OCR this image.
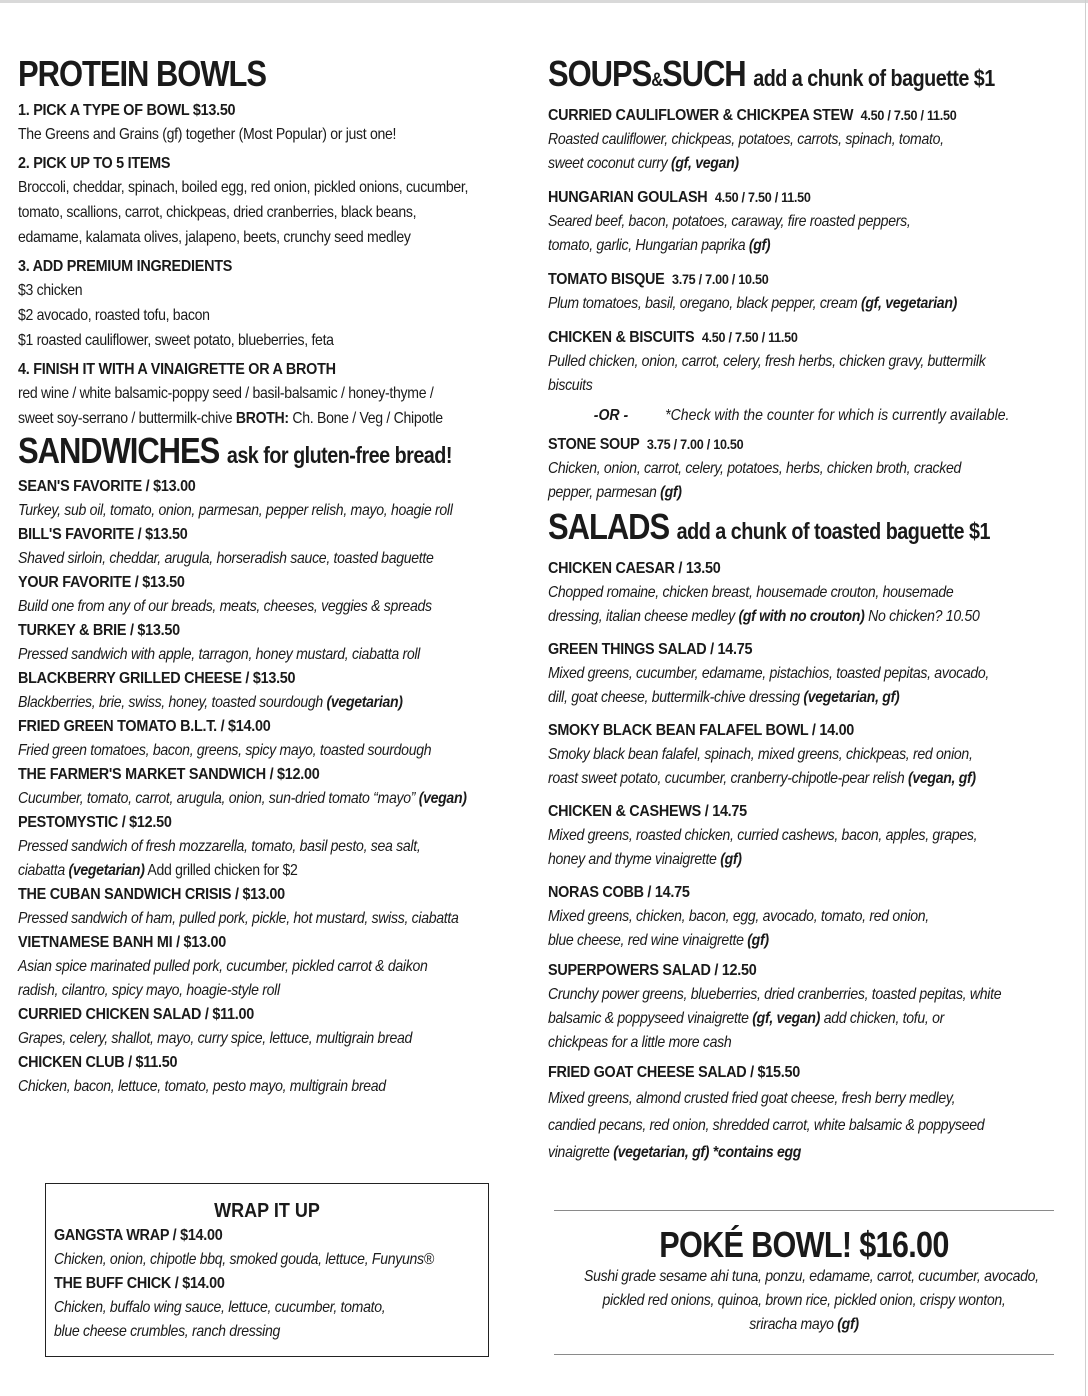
PROTEIN BOWLS
1. PICK A TYPE OF BOWL $13.50
The Greens and Grains (gf) together (Most Popular) or just one!
2. PICK UP TO 5 ITEMS
Broccoli, cheddar, spinach, boiled egg, red onion, pickled onions, cucumber,
tomato, scallions, carrot, chickpeas, dried cranberries, black beans,
edamame, kalamata olives, jalapeno, beets, crunchy seed medley
3. ADD PREMIUM INGREDIENTS
$3 chicken
$2 avocado, roasted tofu, bacon
$1 roasted cauliflower, sweet potato, blueberries, feta
4. FINISH IT WITH A VINAIGRETTE OR A BROTH
red wine / white balsamic-poppy seed / basil-balsamic / honey-thyme /
sweet soy-serrano / buttermilk-chive BROTH: Ch. Bone / Veg / Chipotle
SANDWICHES ask for gluten-free bread!
SEAN'S FAVORITE / $13.00
Turkey, sub oil, tomato, onion, parmesan, pepper relish, mayo, hoagie roll
BILL'S FAVORITE / $13.50
Shaved sirloin, cheddar, arugula, horseradish sauce, toasted baguette
YOUR FAVORITE / $13.50
Build one from any of our breads, meats, cheeses, veggies & spreads
TURKEY & BRIE / $13.50
Pressed sandwich with apple, tarragon, honey mustard, ciabatta roll
BLACKBERRY GRILLED CHEESE / $13.50
Blackberries, brie, swiss, honey, toasted sourdough (vegetarian)
FRIED GREEN TOMATO B.L.T. / $14.00
Fried green tomatoes, bacon, greens, spicy mayo, toasted sourdough
THE FARMER'S MARKET SANDWICH / $12.00
Cucumber, tomato, carrot, arugula, onion, sun-dried tomato “mayo” (vegan)
PESTOMYSTIC / $12.50
Pressed sandwich of fresh mozzarella, tomato, basil pesto, sea salt,
ciabatta (vegetarian) Add grilled chicken for $2
THE CUBAN SANDWICH CRISIS / $13.00
Pressed sandwich of ham, pulled pork, pickle, hot mustard, swiss, ciabatta
VIETNAMESE BANH MI / $13.00
Asian spice marinated pulled pork, cucumber, pickled carrot & daikon
radish, cilantro, spicy mayo, hoagie-style roll
CURRIED CHICKEN SALAD / $11.00
Grapes, celery, shallot, mayo, curry spice, lettuce, multigrain bread
CHICKEN CLUB / $11.50
Chicken, bacon, lettuce, tomato, pesto mayo, multigrain bread
WRAP IT UP
GANGSTA WRAP / $14.00
Chicken, onion, chipotle bbq, smoked gouda, lettuce, Funyuns®
THE BUFF CHICK / $14.00
Chicken, buffalo wing sauce, lettuce, cucumber, tomato,
blue cheese crumbles, ranch dressing
SOUPS&SUCH add a chunk of baguette $1
CURRIED CAULIFLOWER & CHICKPEA STEW 4.50 / 7.50 / 11.50
Roasted cauliflower, chickpeas, potatoes, carrots, spinach, tomato,
sweet coconut curry (gf, vegan)
HUNGARIAN GOULASH 4.50 / 7.50 / 11.50
Seared beef, bacon, potatoes, caraway, fire roasted peppers,
tomato, garlic, Hungarian paprika (gf)
TOMATO BISQUE 3.75 / 7.00 / 10.50
Plum tomatoes, basil, oregano, black pepper, cream (gf, vegetarian)
CHICKEN & BISCUITS 4.50 / 7.50 / 11.50
Pulled chicken, onion, carrot, celery, fresh herbs, chicken gravy, buttermilk
biscuits
-OR - *Check with the counter for which is currently available.
STONE SOUP 3.75 / 7.00 / 10.50
Chicken, onion, carrot, celery, potatoes, herbs, chicken broth, cracked
pepper, parmesan (gf)
SALADS add a chunk of toasted baguette $1
CHICKEN CAESAR / 13.50
Chopped romaine, chicken breast, housemade crouton, housemade
dressing, italian cheese medley (gf with no crouton) No chicken? 10.50
GREEN THINGS SALAD / 14.75
Mixed greens, cucumber, edamame, pistachios, toasted pepitas, avocado,
dill, goat cheese, buttermilk-chive dressing (vegetarian, gf)
SMOKY BLACK BEAN FALAFEL BOWL / 14.00
Smoky black bean falafel, spinach, mixed greens, chickpeas, red onion,
roast sweet potato, cucumber, cranberry-chipotle-pear relish (vegan, gf)
CHICKEN & CASHEWS / 14.75
Mixed greens, roasted chicken, curried cashews, bacon, apples, grapes,
honey and thyme vinaigrette (gf)
NORAS COBB / 14.75
Mixed greens, chicken, bacon, egg, avocado, tomato, red onion,
blue cheese, red wine vinaigrette (gf)
SUPERPOWERS SALAD / 12.50
Crunchy power greens, blueberries, dried cranberries, toasted pepitas, white
balsamic & poppyseed vinaigrette (gf, vegan) add chicken, tofu, or
chickpeas for a little more cash
FRIED GOAT CHEESE SALAD / $15.50
Mixed greens, almond crusted fried goat cheese, fresh berry medley,
candied pecans, red onion, shredded carrot, white balsamic & poppyseed
vinaigrette (vegetarian, gf) *contains egg
POKÉ BOWL! $16.00
Sushi grade sesame ahi tuna, ponzu, edamame, carrot, cucumber, avocado,
pickled red onions, quinoa, brown rice, pickled onion, crispy wonton,
sriracha mayo (gf)
